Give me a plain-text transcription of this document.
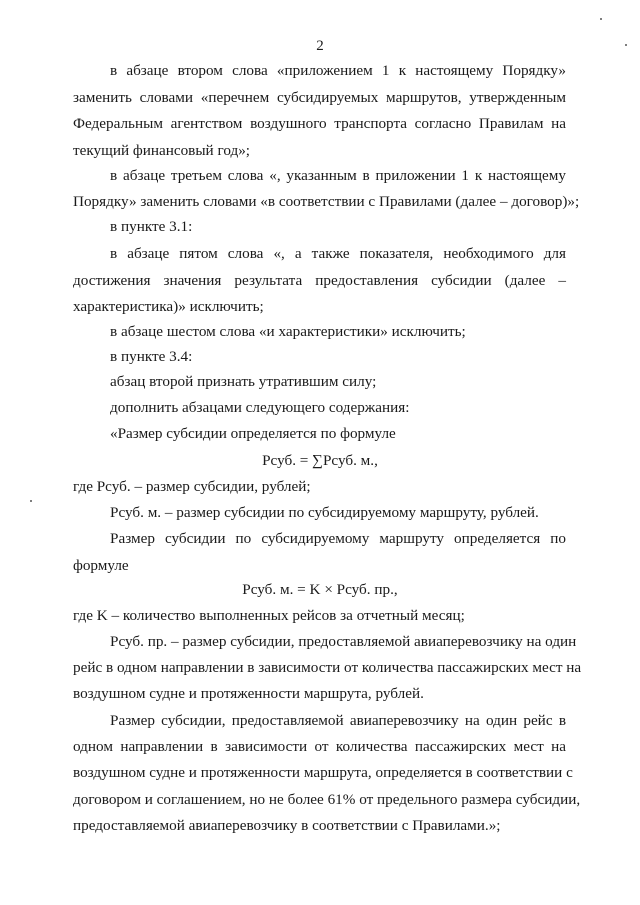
2
в абзаце втором слова «приложением 1 к настоящему Порядку»
заменить словами «перечнем субсидируемых маршрутов, утвержденным
Федеральным агентством воздушного транспорта согласно Правилам на
текущий финансовый год»;
в абзаце третьем слова «, указанным в приложении 1 к настоящему
Порядку» заменить словами «в соответствии с Правилами (далее – договор)»;
в пункте 3.1:
в абзаце пятом слова «, а также показателя, необходимого для
достижения значения результата предоставления субсидии (далее –
характеристика)» исключить;
в абзаце шестом слова «и характеристики» исключить;
в пункте 3.4:
абзац второй признать утратившим силу;
дополнить абзацами следующего содержания:
«Размер субсидии определяется по формуле
Pсуб. = ∑Pсуб. м.,
где Pсуб. – размер субсидии, рублей;
Pсуб. м. – размер субсидии по субсидируемому маршруту, рублей.
Размер субсидии по субсидируемому маршруту определяется по
формуле
Pсуб. м. = K × Pсуб. пр.,
где K – количество выполненных рейсов за отчетный месяц;
Pсуб. пр. – размер субсидии, предоставляемой авиаперевозчику на один
рейс в одном направлении в зависимости от количества пассажирских мест на
воздушном судне и протяженности маршрута, рублей.
Размер субсидии, предоставляемой авиаперевозчику на один рейс в
одном направлении в зависимости от количества пассажирских мест на
воздушном судне и протяженности маршрута, определяется в соответствии с
договором и соглашением, но не более 61% от предельного размера субсидии,
предоставляемой авиаперевозчику в соответствии с Правилами.»;
